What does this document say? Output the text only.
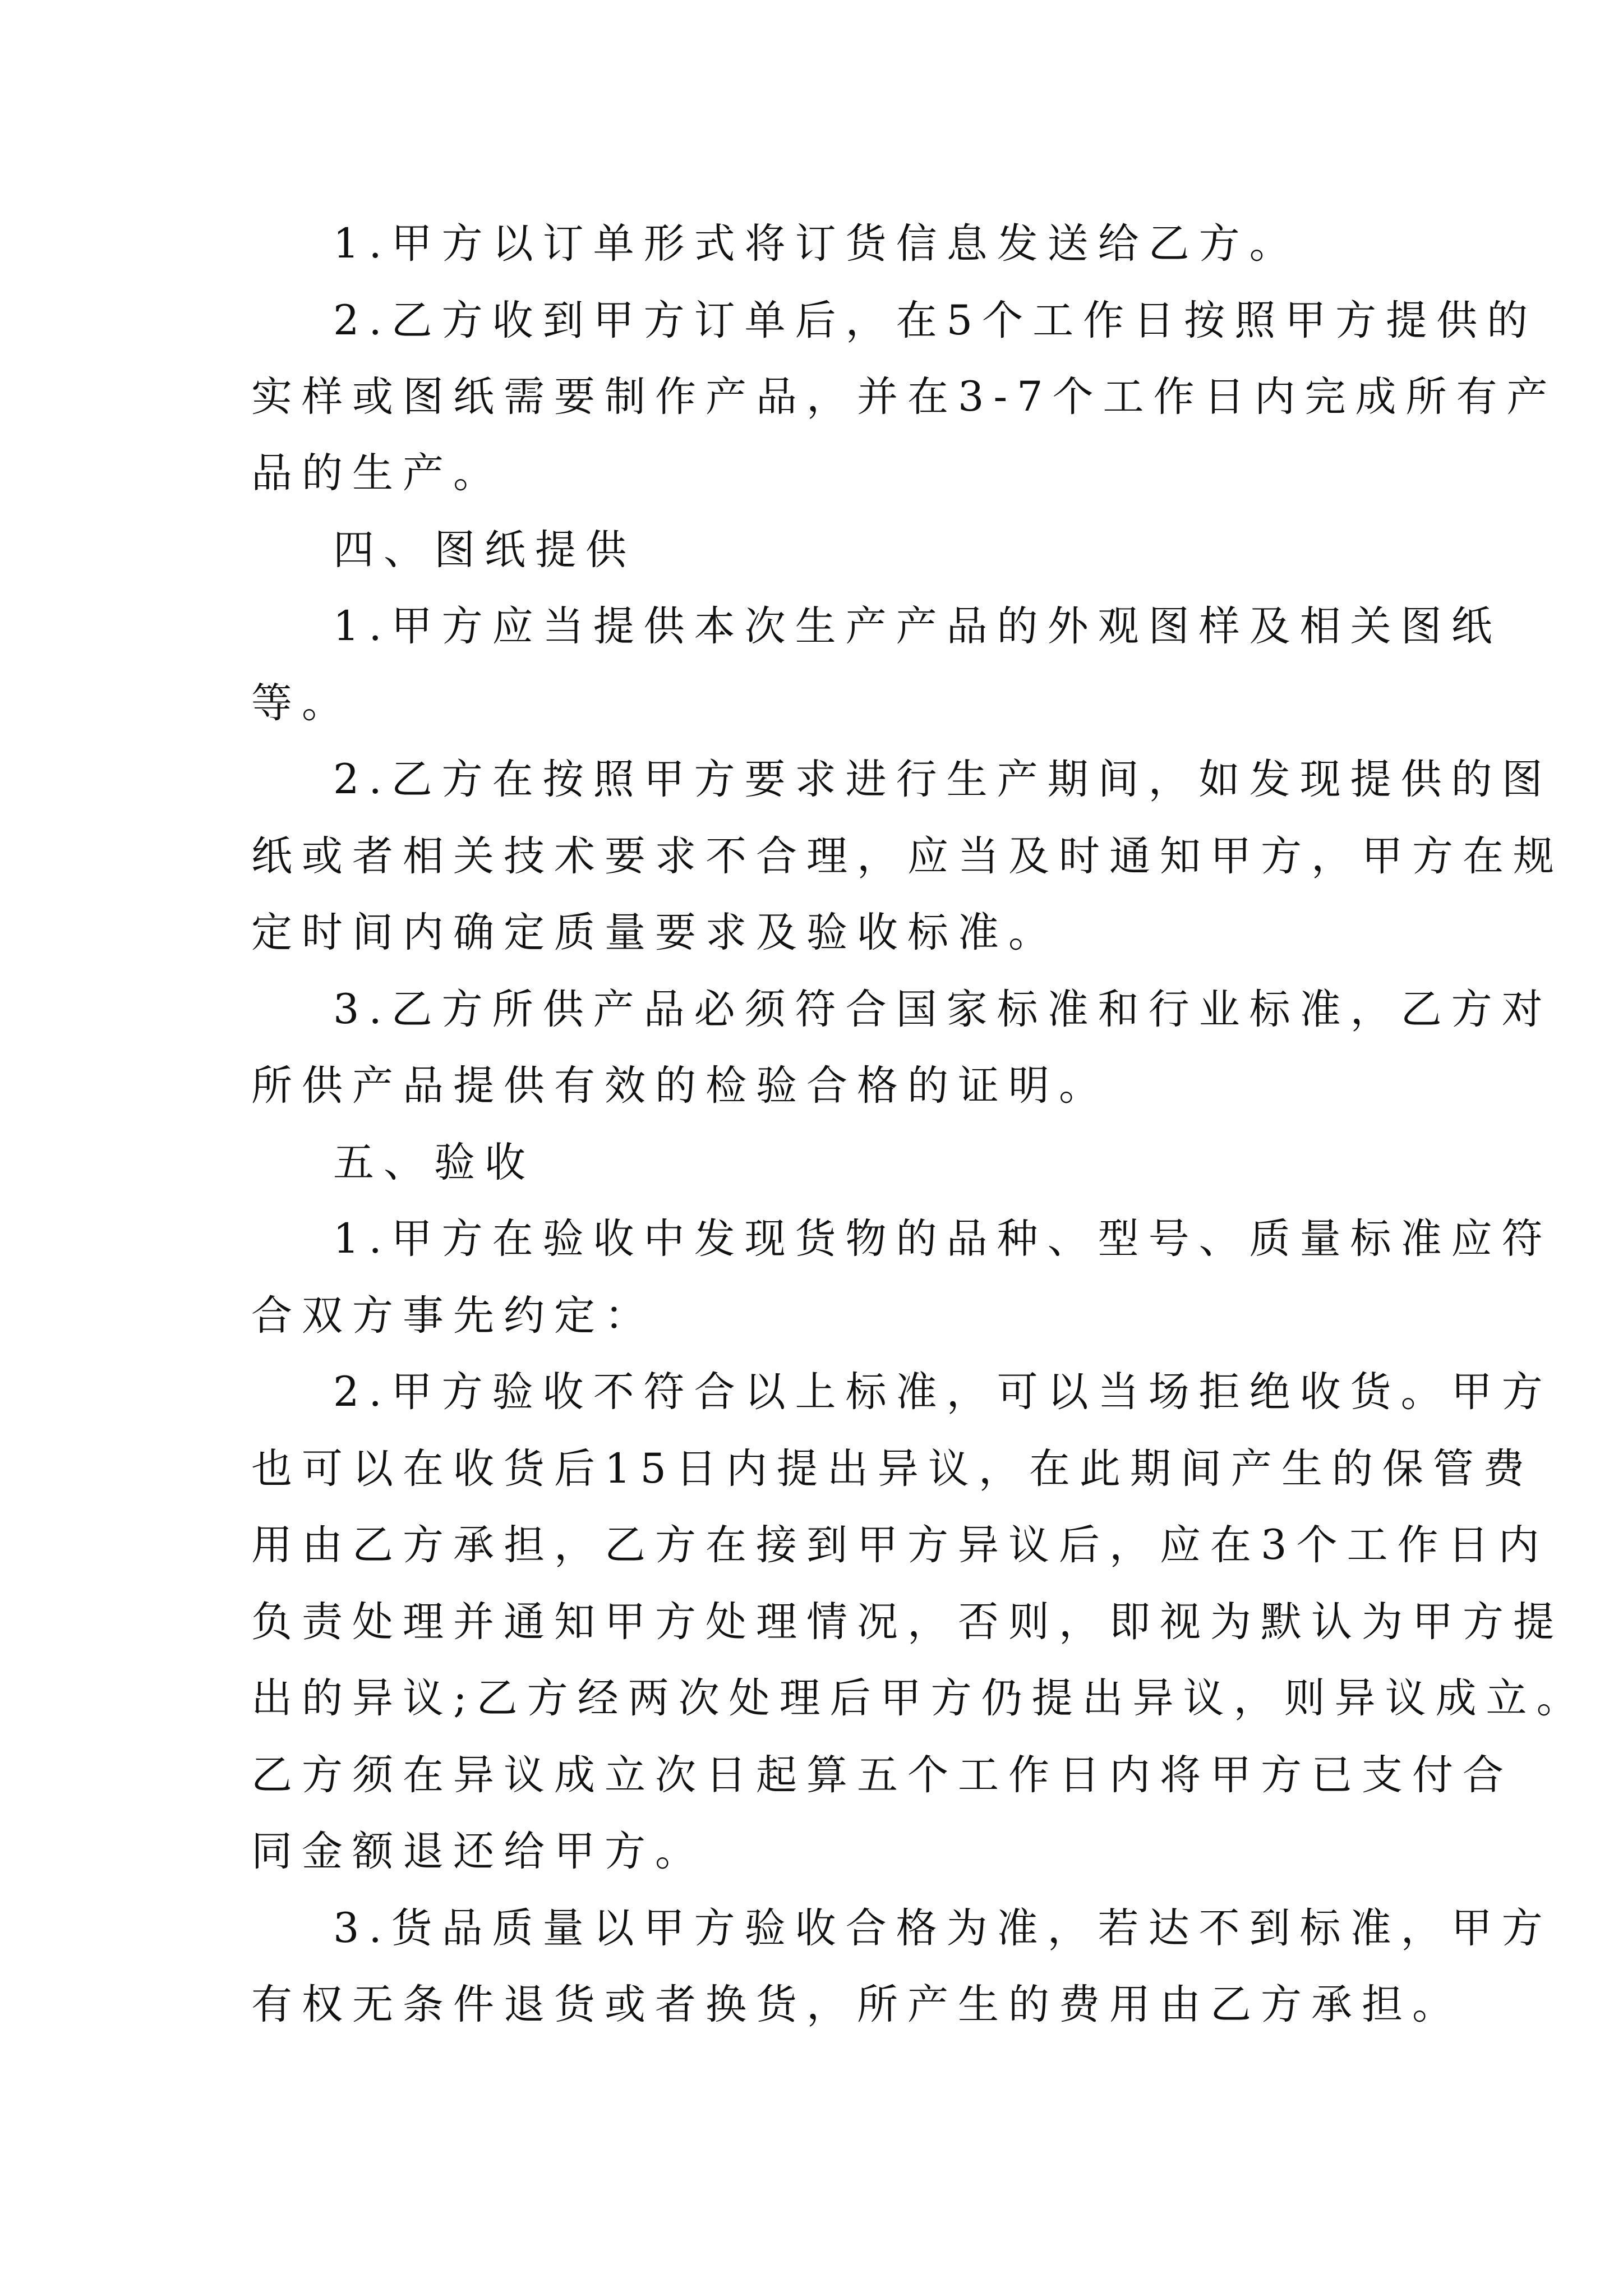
1.甲方以订单形式将订货信息发送给乙方。
2.乙方收到甲方订单后，在5个工作日按照甲方提供的
实样或图纸需要制作产品，并在3-7个工作日内完成所有产
品的生产。
四、图纸提供
1.甲方应当提供本次生产产品的外观图样及相关图纸
等。
2.乙方在按照甲方要求进行生产期间，如发现提供的图
纸或者相关技术要求不合理，应当及时通知甲方，甲方在规
定时间内确定质量要求及验收标准。
3.乙方所供产品必须符合国家标准和行业标准，乙方对
所供产品提供有效的检验合格的证明。
五、验收
1.甲方在验收中发现货物的品种、型号、质量标准应符
合双方事先约定：
2.甲方验收不符合以上标准，可以当场拒绝收货。甲方
也可以在收货后15日内提出异议，在此期间产生的保管费
用由乙方承担，乙方在接到甲方异议后，应在3个工作日内
负责处理并通知甲方处理情况，否则，即视为默认为甲方提
出的异议;乙方经两次处理后甲方仍提出异议，则异议成立。
乙方须在异议成立次日起算五个工作日内将甲方已支付合
同金额退还给甲方。
3.货品质量以甲方验收合格为准，若达不到标准，甲方
有权无条件退货或者换货，所产生的费用由乙方承担。
